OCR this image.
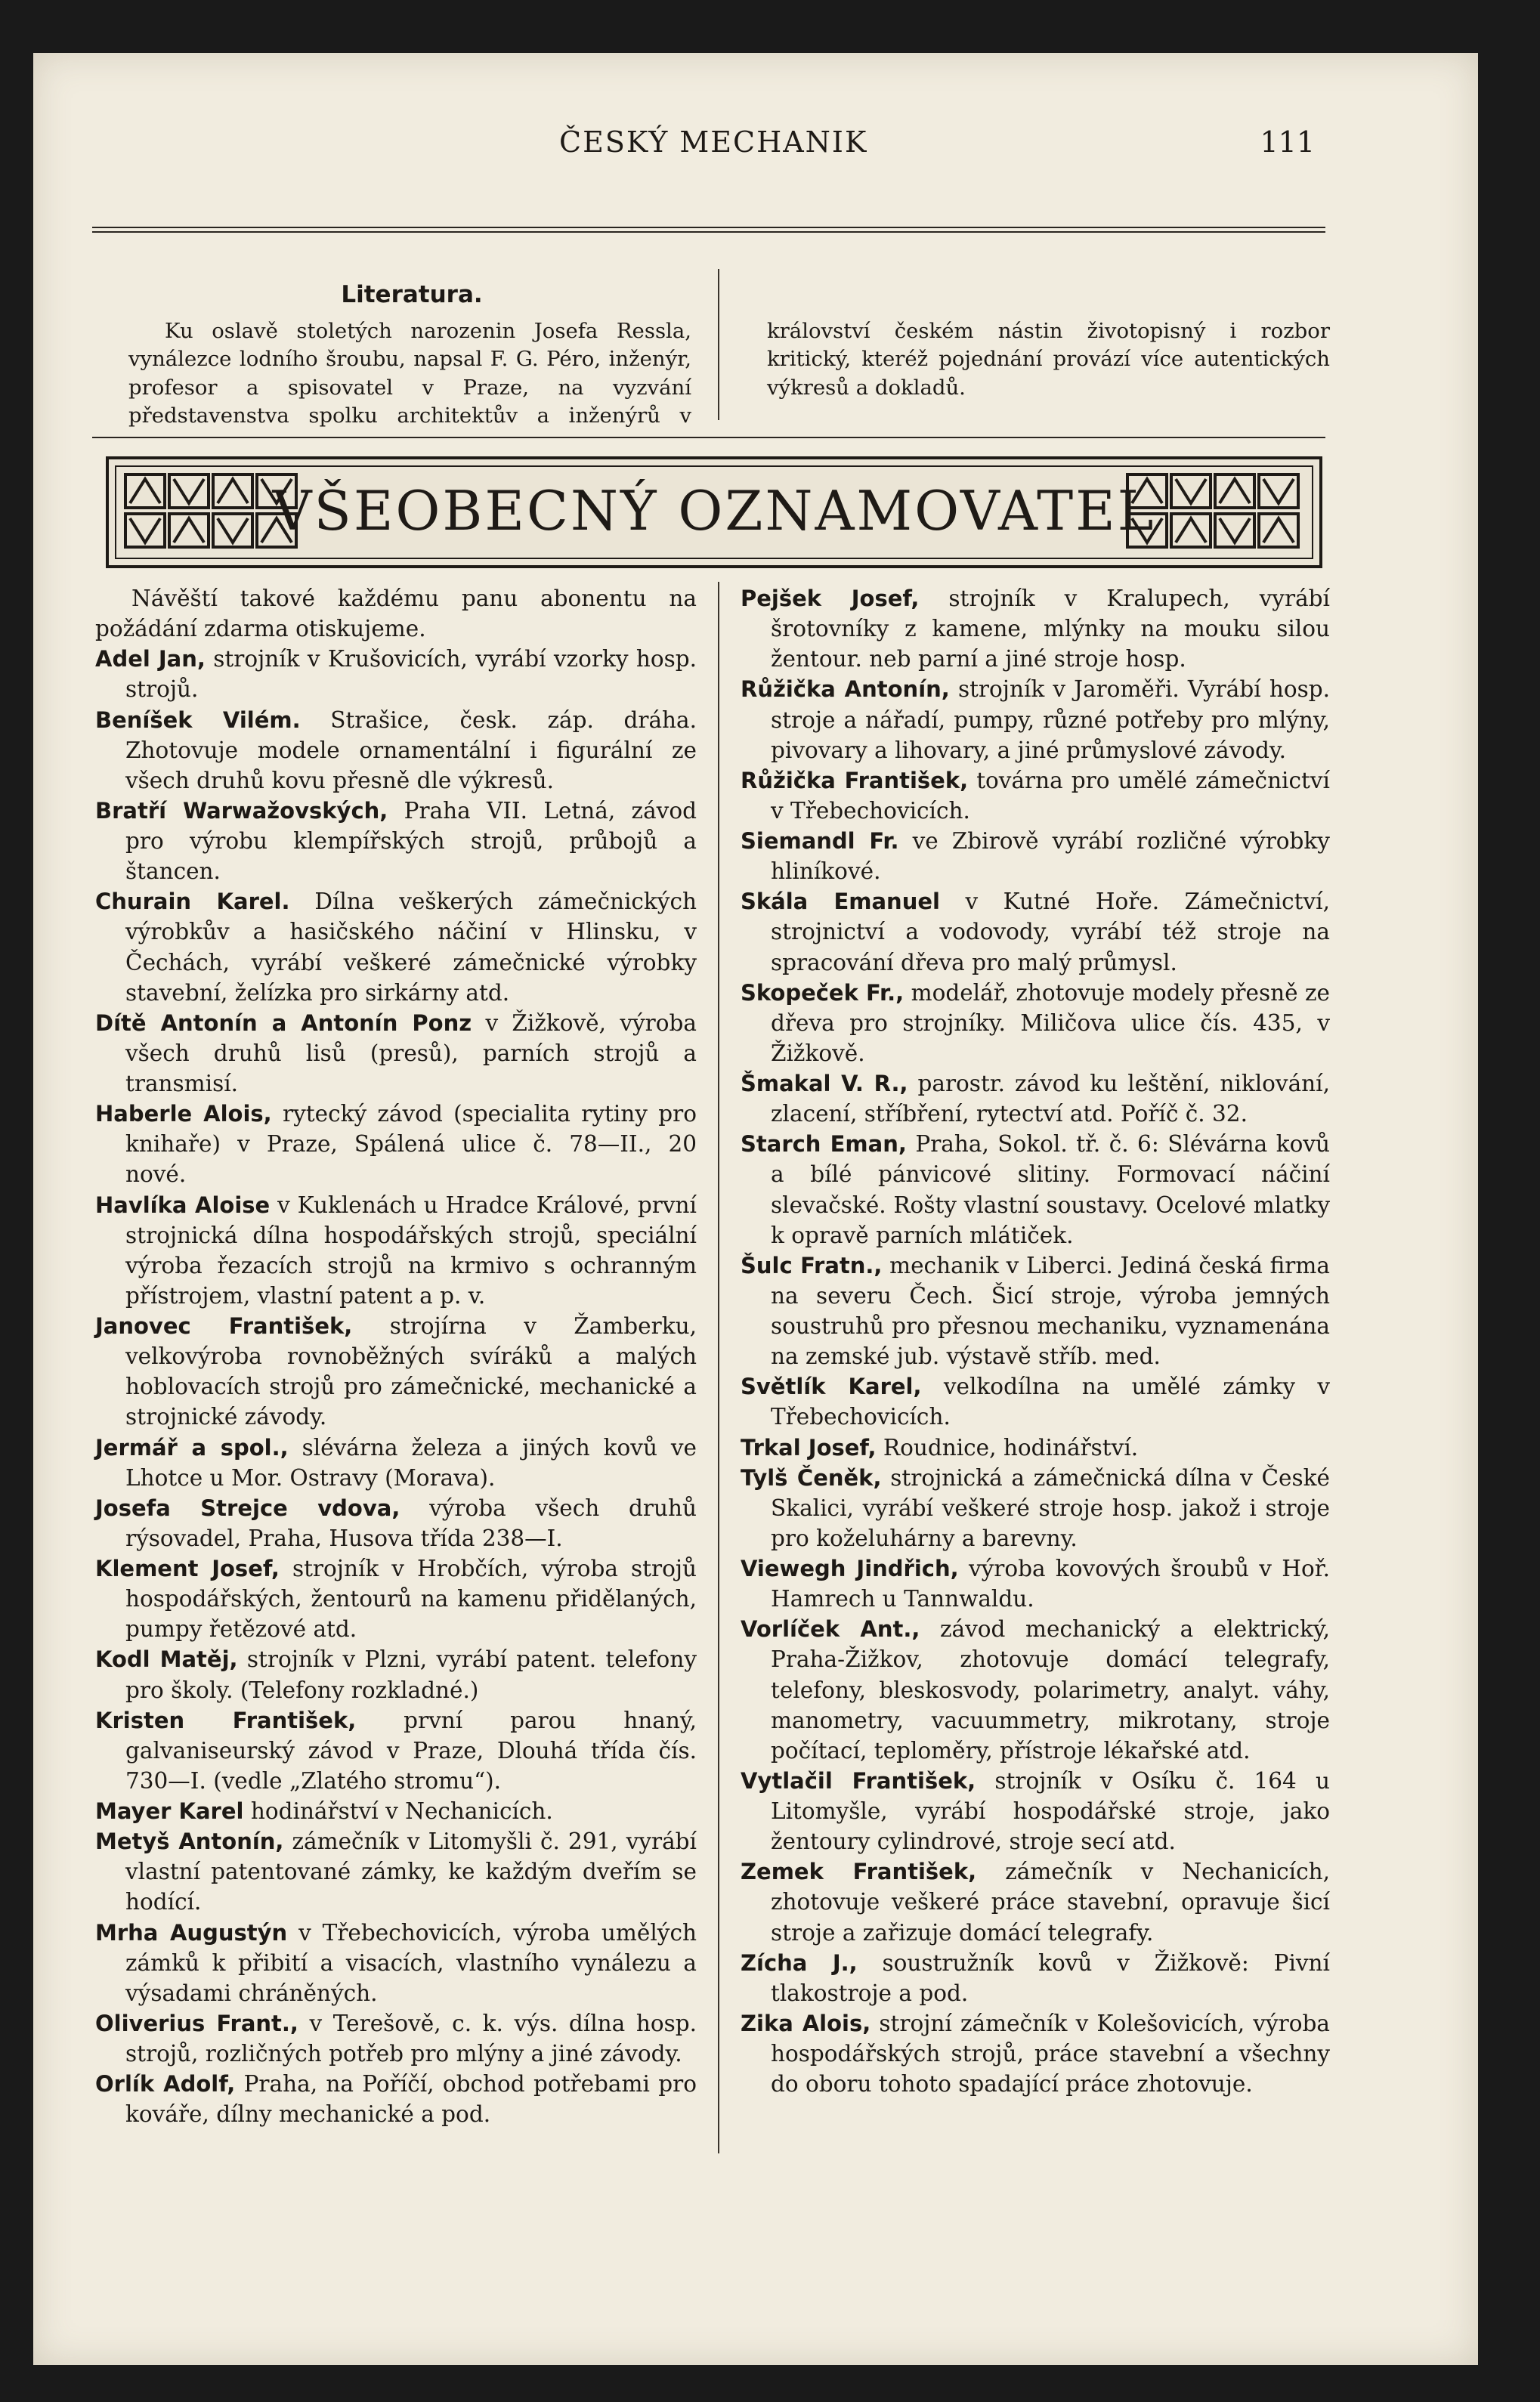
ČESKÝ MECHANIK	111

Literatura.

Ku oslavě stoletých narozenin Josefa Ressla, vynálezce lodního šroubu, napsal F. G. Péro, inženýr, profesor a spisovatel v Praze, na vyzvání představenstva spolku architektův a inženýrů v království českém nástin životopisný i rozbor kritický, kteréž pojednání provází více autentických výkresů a dokladů.

VŠEOBECNÝ OZNAMOVATEL

Návěští takové každému panu abonentu na požádání zdarma otiskujeme.

Adel Jan, strojník v Krušovicích, vyrábí vzorky hosp. strojů.

Beníšek Vilém. Strašice, česk. záp. dráha. Zhotovuje modele ornamentální i figurální ze všech druhů kovu přesně dle výkresů.

Bratří Warwažovských, Praha VII. Letná, závod pro výrobu klempířských strojů, průbojů a štancen.

Churain Karel. Dílna veškerých zámečnických výrobkův a hasičského náčiní v Hlinsku, v Čechách, vyrábí veškeré zámečnické výrobky stavební, želízka pro sirkárny atd.

Dítě Antonín a Antonín Ponz v Žižkově, výroba všech druhů lisů (presů), parních strojů a transmisí.

Haberle Alois, rytecký závod (specialita rytiny pro knihaře) v Praze, Spálená ulice č. 78—II., 20 nové.

Havlíka Aloise v Kuklenách u Hradce Králové, první strojnická dílna hospodářských strojů, speciální výroba řezacích strojů na krmivo s ochranným přístrojem, vlastní patent a p. v.

Janovec František, strojírna v Žamberku, velkovýroba rovnoběžných svíráků a malých hoblovacích strojů pro zámečnické, mechanické a strojnické závody.

Jermář a spol., slévárna železa a jiných kovů ve Lhotce u Mor. Ostravy (Morava).

Josefa Strejce vdova, výroba všech druhů rýsovadel, Praha, Husova třída 238—I.

Klement Josef, strojník v Hrobčích, výroba strojů hospodářských, žentourů na kamenu přidělaných, pumpy řetězové atd.

Kodl Matěj, strojník v Plzni, vyrábí patent. telefony pro školy. (Telefony rozkladné.)

Kristen František, první parou hnaný, galvaniseurský závod v Praze, Dlouhá třída čís. 730—I. (vedle „Zlatého stromu“).

Mayer Karel hodinářství v Nechanicích.

Metyš Antonín, zámečník v Litomyšli č. 291, vyrábí vlastní patentované zámky, ke každým dveřím se hodící.

Mrha Augustýn v Třebechovicích, výroba umělých zámků k přibití a visacích, vlastního vynálezu a výsadami chráněných.

Oliverius Frant., v Terešově, c. k. výs. dílna hosp. strojů, rozličných potřeb pro mlýny a jiné závody.

Orlík Adolf, Praha, na Poříčí, obchod potřebami pro kováře, dílny mechanické a pod.

Pejšek Josef, strojník v Kralupech, vyrábí šrotovníky z kamene, mlýnky na mouku silou žentour. neb parní a jiné stroje hosp.

Růžička Antonín, strojník v Jaroměři. Vyrábí hosp. stroje a nářadí, pumpy, různé potřeby pro mlýny, pivovary a lihovary, a jiné průmyslové závody.

Růžička František, továrna pro umělé zámečnictví v Třebechovicích.

Siemandl Fr. ve Zbirově vyrábí rozličné výrobky hliníkové.

Skála Emanuel v Kutné Hoře. Zámečnictví, strojnictví a vodovody, vyrábí též stroje na spracování dřeva pro malý průmysl.

Skopeček Fr., modelář, zhotovuje modely přesně ze dřeva pro strojníky. Miličova ulice čís. 435, v Žižkově.

Šmakal V. R., parostr. závod ku leštění, niklování, zlacení, stříbření, rytectví atd. Poříč č. 32.

Starch Eman, Praha, Sokol. tř. č. 6: Slévárna kovů a bílé pánvicové slitiny. Formovací náčiní slevačské. Rošty vlastní soustavy. Ocelové mlatky k opravě parních mlátiček.

Šulc Fratn., mechanik v Liberci. Jediná česká firma na severu Čech. Šicí stroje, výroba jemných soustruhů pro přesnou mechaniku, vyznamenána na zemské jub. výstavě stříb. med.

Světlík Karel, velkodílna na umělé zámky v Třebechovicích.

Trkal Josef, Roudnice, hodinářství.

Tylš Čeněk, strojnická a zámečnická dílna v České Skalici, vyrábí veškeré stroje hosp. jakož i stroje pro koželuhárny a barevny.

Viewegh Jindřich, výroba kovových šroubů v Hoř. Hamrech u Tannwaldu.

Vorlíček Ant., závod mechanický a elektrický, Praha-Žižkov, zhotovuje domácí telegrafy, telefony, bleskosvody, polarimetry, analyt. váhy, manometry, vacuummetry, mikrotany, stroje počítací, teploměry, přístroje lékařské atd.

Vytlačil František, strojník v Osíku č. 164 u Litomyšle, vyrábí hospodářské stroje, jako žentoury cylindrové, stroje secí atd.

Zemek František, zámečník v Nechanicích, zhotovuje veškeré práce stavební, opravuje šicí stroje a zařizuje domácí telegrafy.

Zícha J., soustružník kovů v Žižkově: Pivní tlakostroje a pod.

Zika Alois, strojní zámečník v Kolešovicích, výroba hospodářských strojů, práce stavební a všechny do oboru tohoto spadající práce zhotovuje.
